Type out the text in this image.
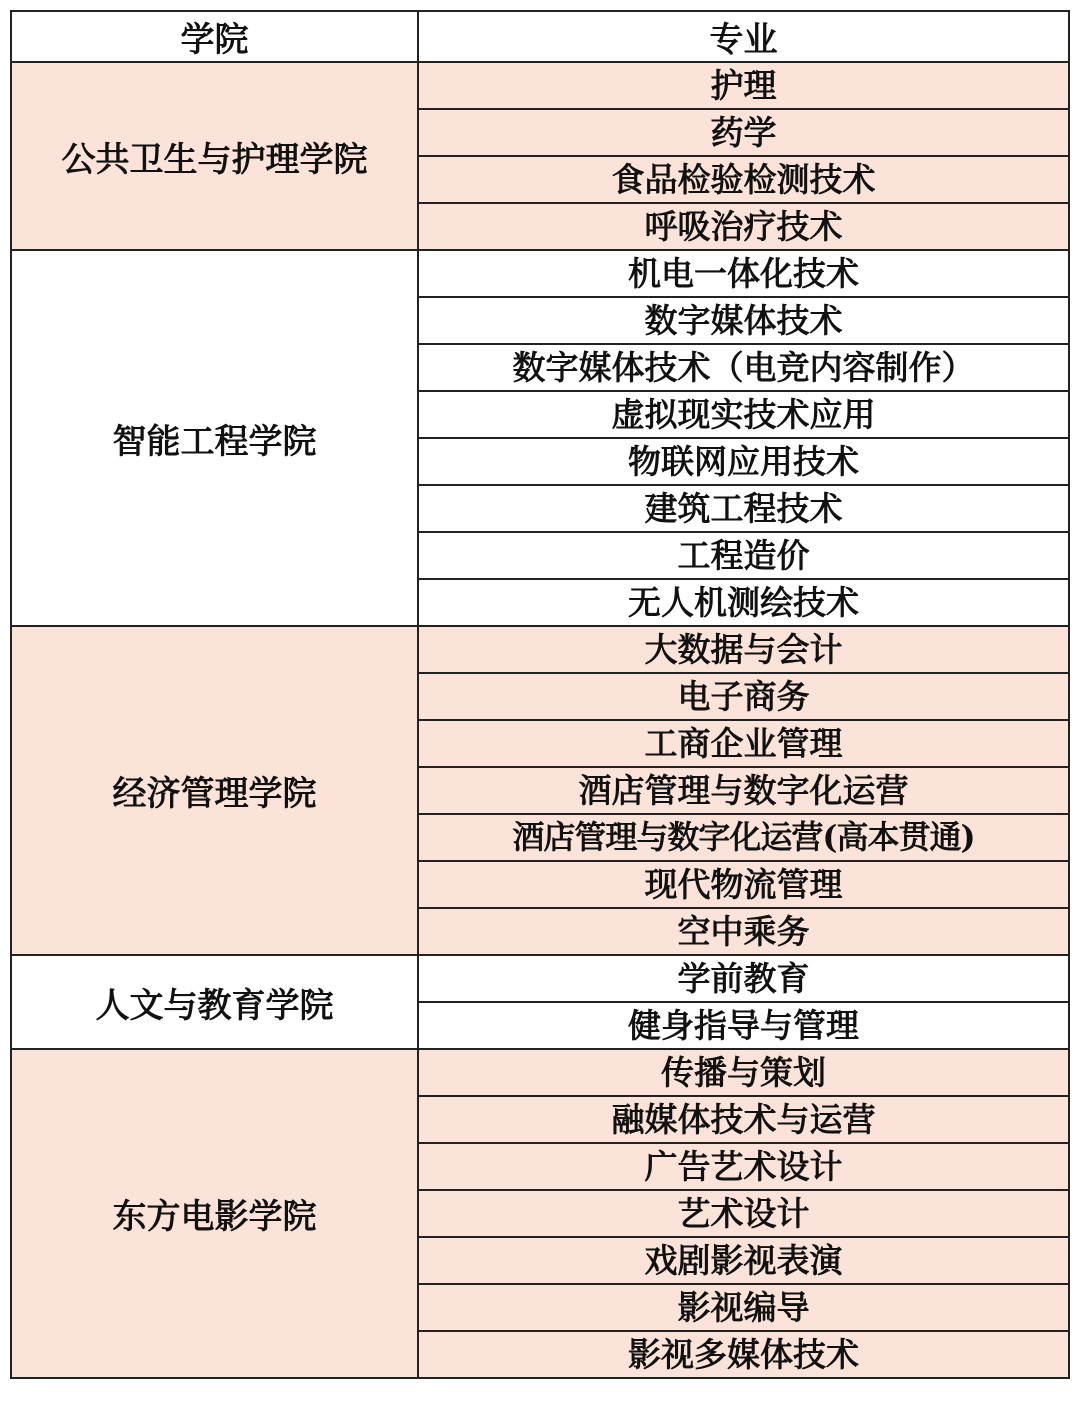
学院	专业
公共卫生与护理学院	护理
	药学
	食品检验检测技术
	呼吸治疗技术
智能工程学院	机电一体化技术
	数字媒体技术
	数字媒体技术（电竞内容制作）
	虚拟现实技术应用
	物联网应用技术
	建筑工程技术
	工程造价
	无人机测绘技术
经济管理学院	大数据与会计
	电子商务
	工商企业管理
	酒店管理与数字化运营
	酒店管理与数字化运营(高本贯通)
	现代物流管理
	空中乘务
人文与教育学院	学前教育
	健身指导与管理
东方电影学院	传播与策划
	融媒体技术与运营
	广告艺术设计
	艺术设计
	戏剧影视表演
	影视编导
	影视多媒体技术
